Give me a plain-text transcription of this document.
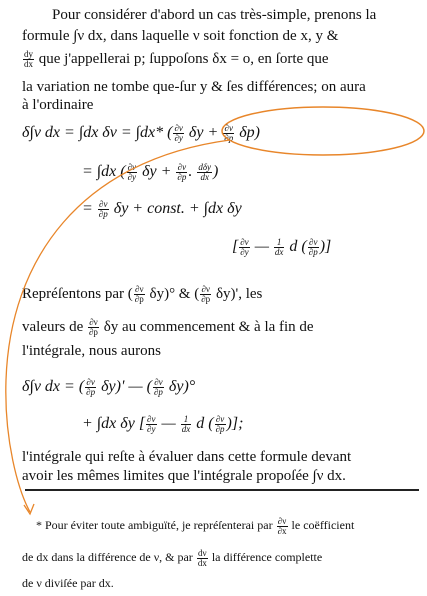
Pour considérer d'abord un cas très-simple, prenons la
formule ∫ν dx, dans laquelle ν soit fonction de x, y &
$\frac{dy}{dx}$ que j'appellerai p; ſuppoſons δx = o, en ſorte que
la variation ne tombe que-ſur y & ſes différences; on aura
à l'ordinaire
δ∫ν dx = ∫dx δν = ∫dx* ( $\frac{\partial\nu}{\partial y}$ $\delta y + \frac{\partial\nu}{\partial p} \delta p$)
= ∫dx ( $\frac{\partial\nu}{\partial y}$ $\delta y + \frac{\partial\nu}{\partial p}$ . $\frac{\text{dδy}}{dx}$ )
= $\frac{\partial\nu}{\partial p}$ δy + const. + ∫dx δy
[ $\frac{\partial\nu}{\partial y}$ — $\frac{1}{dx}$ d ( $\frac{\partial\nu}{\partial p}$ )]
Repréſentons par ( $\frac{\partial\nu}{\partial p} \delta y)^\circ$ & ( $\frac{\partial\nu}{\partial p} \delta y)'$, les
valeurs de $\frac{\partial\nu}{\partial p}$ δy au commencement & à la fin de
l'intégrale, nous aurons
δ∫ν dx = ( $\frac{\partial\nu}{\partial p} \delta y)'$ — ( $\frac{\partial\nu}{\partial p} \delta y)^\circ$
+ ∫dx δy [ $\frac{\partial\nu}{\partial y}$ — $\frac{1}{dx}$ d ( $\frac{\partial\nu}{\partial p}$ )];
l'intégrale qui reſte à évaluer dans cette formule devant
avoir les mêmes limites que l'intégrale propoſée ∫ν dx.
* Pour éviter toute ambiguïté, je repréſenterai par $\frac{\partial\nu}{\partial x}$ le coëfficient
de dx dans la différence de ν, & par $\frac{d\nu}{dx}$ la différence complette
de ν diviſée par dx.
